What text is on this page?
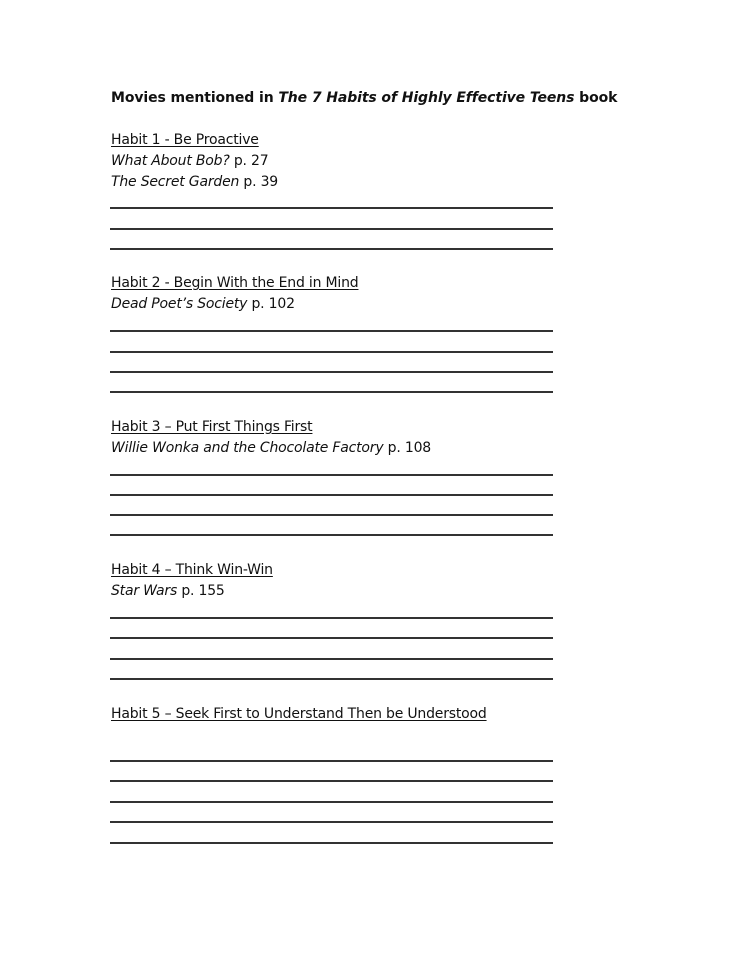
Movies mentioned in The 7 Habits of Highly Effective Teens book
Habit 1 - Be Proactive
What About Bob? p. 27
The Secret Garden p. 39
Habit 2 - Begin With the End in Mind
Dead Poet’s Society p. 102
Habit 3 – Put First Things First
Willie Wonka and the Chocolate Factory p. 108
Habit 4 – Think Win-Win
Star Wars p. 155
Habit 5 – Seek First to Understand Then be Understood
